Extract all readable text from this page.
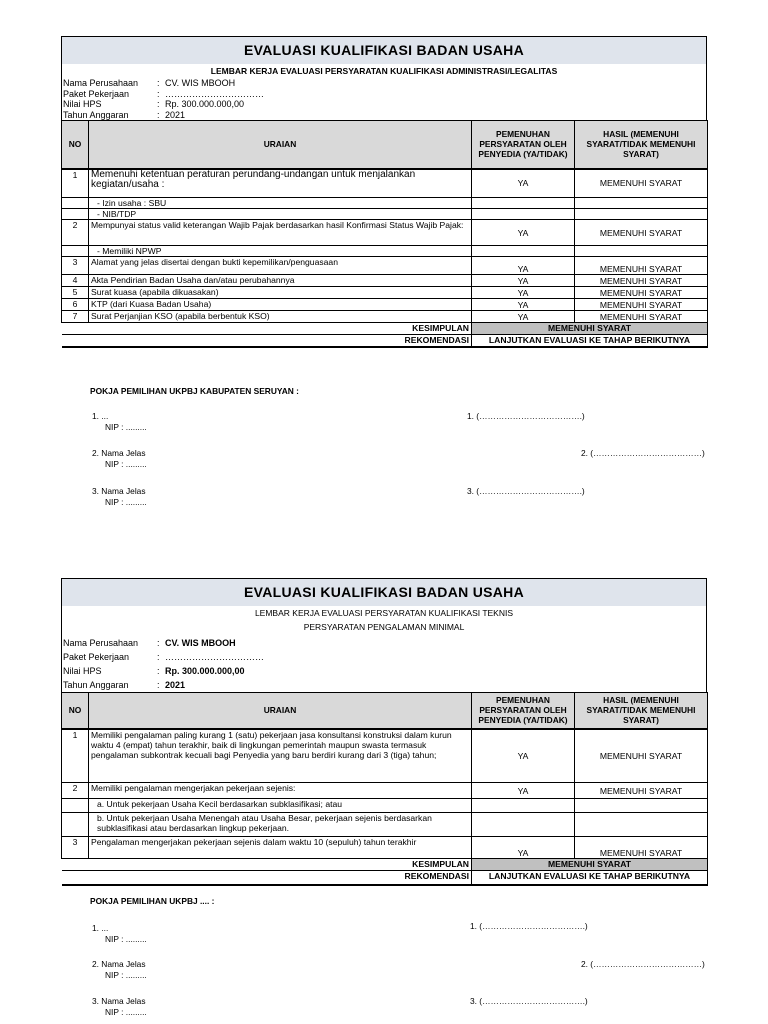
EVALUASI KUALIFIKASI BADAN USAHA
LEMBAR KERJA EVALUASI PERSYARATAN KUALIFIKASI ADMINISTRASI/LEGALITAS
Nama Perusahaan	: CV. WIS MBOOH
Paket Pekerjaan	: ……………………………
Nilai HPS	: Rp. 300.000.000,00
Tahun Anggaran	: 2021
NO	URAIAN	PEMENUHAN PERSYARATAN OLEH PENYEDIA (YA/TIDAK)	HASIL (MEMENUHI SYARAT/TIDAK MEMENUHI SYARAT)
1	Memenuhi ketentuan peraturan perundang-undangan untuk menjalankan kegiatan/usaha :	YA	MEMENUHI SYARAT
	- Izin usaha : SBU		
	- NIB/TDP		
2	Mempunyai status valid keterangan Wajib Pajak berdasarkan hasil Konfirmasi Status Wajib Pajak:	YA	MEMENUHI SYARAT
	- Memiliki NPWP		
3	Alamat yang jelas disertai dengan bukti kepemilikan/penguasaan	YA	MEMENUHI SYARAT
4	Akta Pendirian Badan Usaha dan/atau perubahannya	YA	MEMENUHI SYARAT
5	Surat kuasa (apabila dikuasakan)	YA	MEMENUHI SYARAT
6	KTP (dari Kuasa Badan Usaha)	YA	MEMENUHI SYARAT
7	Surat Perjanjian KSO (apabila berbentuk KSO)	YA	MEMENUHI SYARAT
KESIMPULAN		MEMENUHI SYARAT	
REKOMENDASI		LANJUTKAN EVALUASI KE TAHAP BERIKUTNYA	
POKJA PEMILIHAN UKPBJ KABUPATEN SERUYAN :
1. ...
NIP : .........
2. Nama Jelas
NIP : .........
3. Nama Jelas
NIP : .........
1. (……………………………….)
2. (…………………………………)
3. (……………………………….)
EVALUASI KUALIFIKASI BADAN USAHA
LEMBAR KERJA EVALUASI PERSYARATAN KUALIFIKASI TEKNIS
PERSYARATAN PENGALAMAN MINIMAL
Nama Perusahaan	: CV. WIS MBOOH
Paket Pekerjaan	: ……………………………
Nilai HPS	: Rp. 300.000.000,00
Tahun Anggaran	: 2021
NO	URAIAN	PEMENUHAN PERSYARATAN OLEH PENYEDIA (YA/TIDAK)	HASIL (MEMENUHI SYARAT/TIDAK MEMENUHI SYARAT)
1	Memiliki pengalaman paling kurang 1 (satu) pekerjaan jasa konsultansi konstruksi dalam kurun waktu 4 (empat) tahun terakhir, baik di lingkungan pemerintah maupun swasta termasuk pengalaman subkontrak kecuali bagi Penyedia yang baru berdiri kurang dari 3 (tiga) tahun;	YA	MEMENUHI SYARAT
2	Memiliki pengalaman mengerjakan pekerjaan sejenis:	YA	MEMENUHI SYARAT
	a. Untuk pekerjaan Usaha Kecil berdasarkan subklasifikasi; atau		
	b. Untuk pekerjaan Usaha Menengah atau Usaha Besar, pekerjaan sejenis berdasarkan subklasifikasi atau berdasarkan lingkup pekerjaan.		
3	Pengalaman mengerjakan pekerjaan sejenis dalam waktu 10 (sepuluh) tahun terakhir	YA	MEMENUHI SYARAT
KESIMPULAN		MEMENUHI SYARAT	
REKOMENDASI		LANJUTKAN EVALUASI KE TAHAP BERIKUTNYA	
POKJA PEMILIHAN UKPBJ .... :
1. ...
NIP : .........
2. Nama Jelas
NIP : .........
3. Nama Jelas
NIP : .........
1. (……………………………….)
2. (…………………………………)
3. (……………………………….)
